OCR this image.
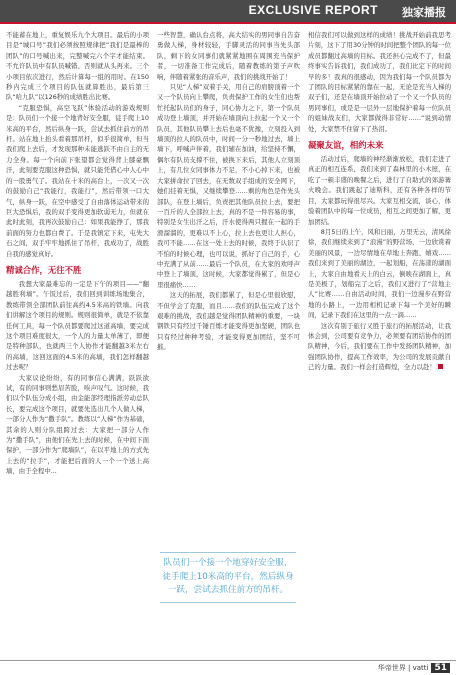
EXCLUSIVE REPORT 独家播报

不能蓄在地上，重复娱乐九个大项目。最后的小项目是“城口号”我们必须按照规律把“我们是最棒的团队”的口号喊出来，完整喊完六个字才能结束。不允许队员中有队员喊错、否则就从头再来。三个小项目依次进行，然后计算每一组的用时。在150秒内完成三个项目的队伍就算胜出，最后第三队“哈九队”以126秒的成绩胜出比赛。

“克服恐惧，高空飞跃”体验活动的游戏规则是：队员们一个接一个地背好安全服，徒手爬上10米高的平台，然后纵身一跃，尝试去抓住前方的吊杆。站在地上抬头看着那吊杆，似乎很简单，但当我们爬上去后，才发现那种未能逃跃不由自主的无力全身。每一个向前下张望都会觉得背上膝豪飘汗，此刻要克服这种恐惧，就只能凭借心中人心中的一股勇气了。我站在十米的高台上，一次又一次的鼓励自己“我能行，我能行”，然后带领一口大气，纵身一跃，在空中感受了自由落体运动带来的巨大恐惧后，我的双手变得更加软弱无力，但就在此时此刻，我再次鼓励自己：如果我能挣了，那我前面的努力也都白费了。于是我镇定下来，屯先大石之间，双手牢牢地抓住了吊杆，我成功了，战胜自我的感觉真好。

精诚合作，无往不胜

我想大家最难忘的一定是下午的项目——“翻越胜利墙”。午饭过后，我们回到训练场地集合，教练带领全部团队前往高约4.5米高的铁墙。向我们讲解这个项目的规则。规则很简单，就是不依靠任何工具，每一个队员都要爬过这道高墙，要完成这个项目难度很大，一个人的力量太单薄了，即便是特种部队，也就两三个人协作才能翻越3米左右的高墙，这回这面的4.5米的高墙，我们怎样翻越过去呢？

大家议论纷纷，有的同事信心满满，跃跃欲试，有的同事则愁眉苦脸，唉声叹气。这时候，我们以个队伍分成小组，由金能部经理指派劳动总队长，要完成这个项目，就要先选出几个人做人梯，一部分人作为“撒手队”。教练以“人梯”作为基础，其余的人则分队组跨过去：大家把一部分人作为“撒手队”，由他们在先上去的时候，在中间下面保护，一部分作为“爬墙队”，在以平地上的方式先上去的“拉手”，才能把后面的人一个一个送上高墙，由于全程中...

一些智慧，确认台点将，高大结实的男同事自告奋勇做人梯，身材较轻，手脚灵活的同事当先头部队，剩下的女同事们就紧紧地围在周围充当保护者，一切准备工作完成后，随着教练的第子声吹响，伴随着紧张的音乐声，我们的挑战开始了！

只见“人梯”双着手关，用自己的肩膀顶着一个又一个队员向上攀爬，负责保护工作的女生们也帮忙托起队员们的身子，同心协力之下，第一个队员成功登上墙顶，并开始在墙顶向上拉起一个又一个队员，其他队员攀上去后也毫不犹豫，立刻投入到墙顶的拉人的队员中，时间一分一秒地过去，墙上墙下，呼喊声伴着，我们辅在加油，给坚持不懈，偶尔有队员支撑不住，被换下来后，其他人立刻顶上，有几位女同事体力不足，不小心掉下来，也被大家拼命拉了回去，在无数双手组成的安全网下，她们挂着无惧，又继续攀登……剩的角色是作先头部队，在登上墙后，负责把其他队员拉上去，要把一百斤的人全部拉上去，真的不是一件容易的事，特别是女生出汗之后，汗水使得两只握在一起的手滑溜溜的，更难以不上心，拉上去也更让人担心，我可不能……在这一处上去的时候，我终于认识了不怕的时候心理，也可以说，抓好了自己的手，心中充满了从前……最后一个队员，在大家的欢呼声中登上了墙顶，这时候，大家都觉得累了，但是心里很痛快……

这天的拓展，我们都累了，但是心里很欣慰，不但学会了克服，而且……我们的队伍完成了这个艰难的挑战，我们越是觉得团队精神的重要，一块钢铁只有经过千锤百炼才能变得更加坚硬，团队也只有经过种种考验，才能变得更加团结，坚不可摧。

队员们一个接一个地穿好安全服，徒手爬上10米高的平台，然后纵身一跃，尝试去抓住前方的吊杆。

相信我们可以做到这样的成绩！挑战开始前我思考片刻，这下了用30分钟的时间把整个团队的每一位成员都翻过高墙的目标。我还担心完成不了，但最终事实告诉我们，我们成功了，我们比定下的时间早的多！我真的很感动，因为我们每一个队员都为了团队的目标紧紧的靠在一起，无论是充当人梯的双子们，还是在墙顶开始拉动了一个又一个队员的男同事们，或是是一层外一层地保护着每一位队员的姐妹战友们，大家都做得非常好……“说到动情处，大家禁不住留下了热泪。

凝聚友谊，相约未来

活动过后，爬墙的神经渐渐放松，我们走进了真正的相互连系，我们来到了森林里的小木屋，在吃了一顿丰盛的晚餐之后，进行了自助式的郊游篝火晚会。我们跳起了迪斯科，还有各种各样的节目，大家都玩得很尽兴。大家互相交流，谈心，体验着团队中的每一位成员，相互之间更加了解，更加团结。

8月5日的上午，风和日丽，万里无云，清风徐徐，我们继续来到了“浪漫”的野营场，一边欣赏着美丽的风景，一边尽情地在草地上奔跑、嬉戏……我们来到了美丽的湖边，一起划船，在荡漾的湖面上，大家自由地看天上的白云，倒映在湖面上，真是美极了，划船完了之后，我们又进行了“营地主人”比赛……自由活动时间，我们一边漫步在野营地的小路上，一边用相机记录下每一个美好的瞬间，记录下我们在这里的一点一滴……

这次有别于旅行又胜于旅行的拓展活动，让我体会到，公司要有竞争力，必须要有团结协作的团队精神，今后，我们要在工作中发扬团队精神，加强团队协作，提高工作效率，为公司的发展贡献自己的力量。我们一样会打造辉煌，全力以赴！

华帝世界 | vatti 51
